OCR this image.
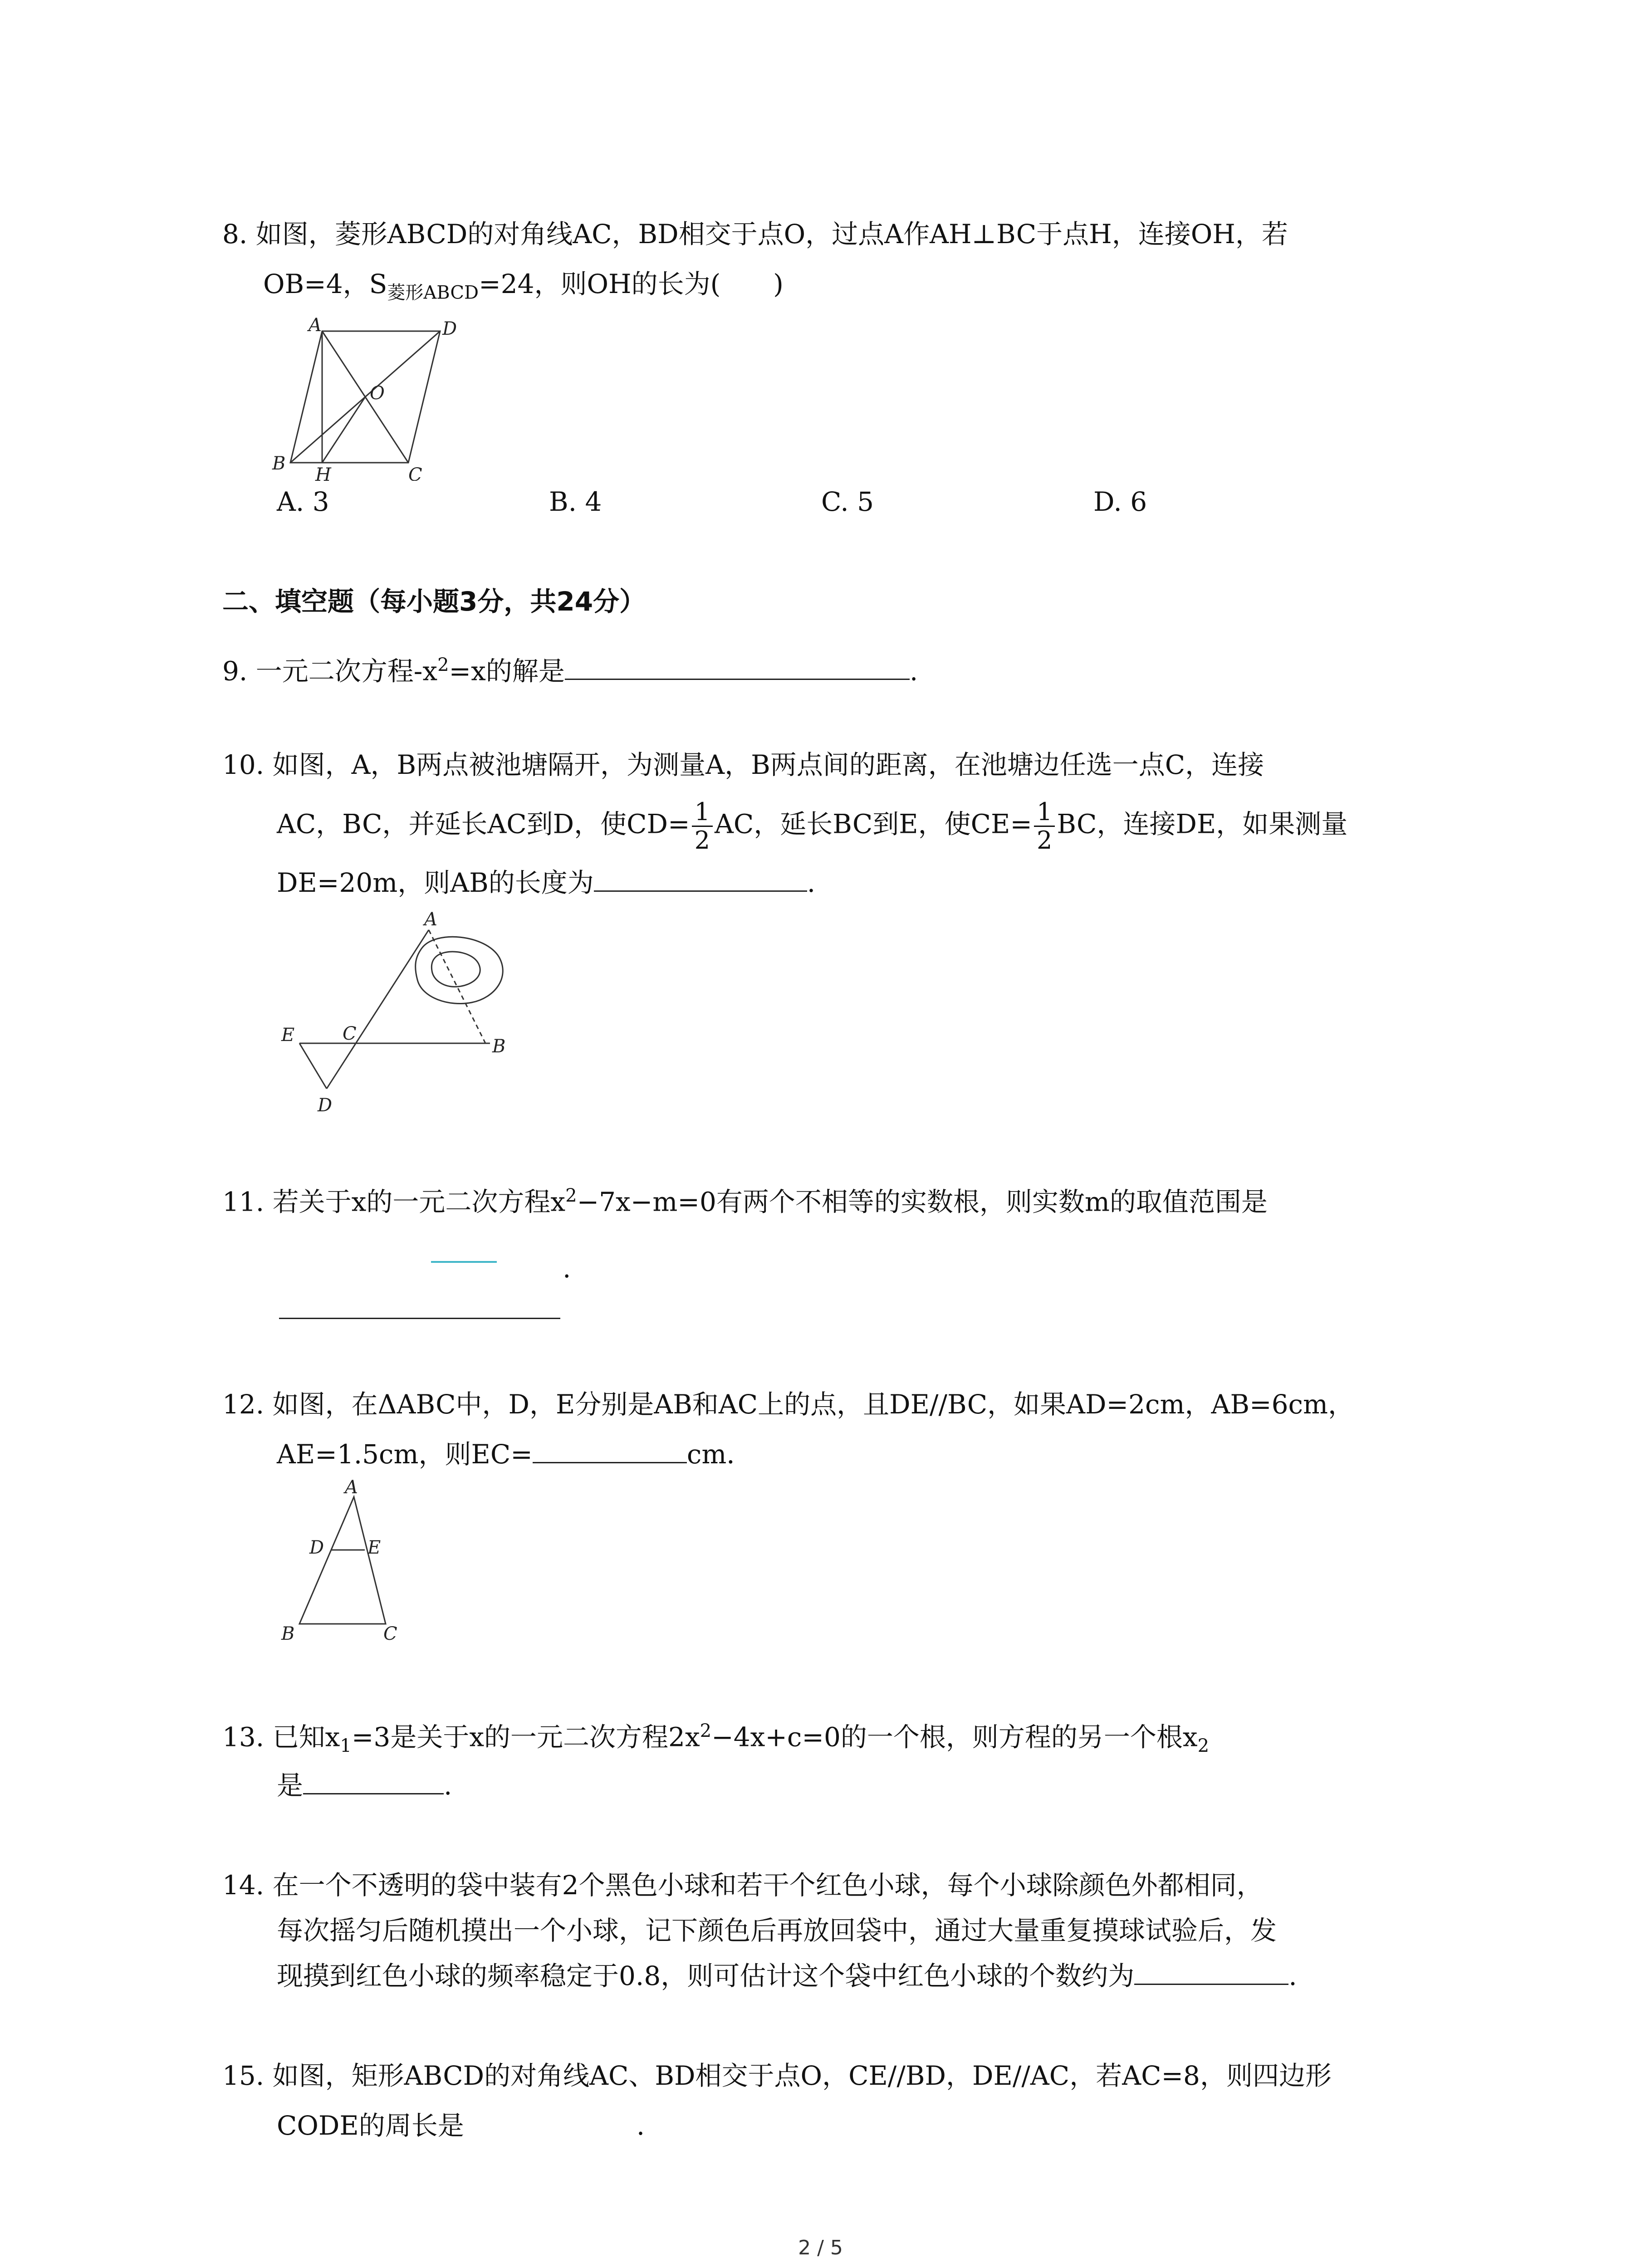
8. 如图，菱形ABCD的对角线AC，BD相交于点O，过点A作AH⊥BC于点H，连接OH，若
OB=4，$S_{菱形ABCD}=24$，则OH的长为(　　)
A	D
O
B
H	C
A. 3	B. 4	C. 5	D. 6
二、填空题（每小题3分，共24分）
9. 一元二次方程$-x^2=x$的解是	.
10. 如图，A，B两点被池塘隔开，为测量A，B两点间的距离，在池塘边任选一点C，连接
AC，BC，并延长AC到D，使$CD= \frac{1}{2}$ AC，延长BC到E，使$CE= \frac{1}{2}$ BC，连接DE，如果测量
DE=20m，则AB的长度为	.
A
E	C
B
D
11. 若关于x的一元二次方程$x^2-7x-m=0$有两个不相等的实数根，则实数m的取值范围是
.
12. 如图，在ΔABC中，D，E分别是AB和AC上的点，且DE//BC，如果AD=2cm，AB=6cm，
AE=1.5cm，则EC=	cm．
A
D E
B	C
13. 已知$x_1=3$是关于x的一元二次方程$2x^2-4x+c=0$的一个根，则方程的另一个根$x_2$
是	.
14. 在一个不透明的袋中装有2个黑色小球和若干个红色小球，每个小球除颜色外都相同，
每次摇匀后随机摸出一个小球，记下颜色后再放回袋中，通过大量重复摸球试验后，发
现摸到红色小球的频率稳定于0.8，则可估计这个袋中红色小球的个数约为	.
15. 如图，矩形ABCD的对角线AC、BD相交于点O，CE//BD，DE//AC，若AC=8，则四边形
CODE的周长是	.
2 / 5
